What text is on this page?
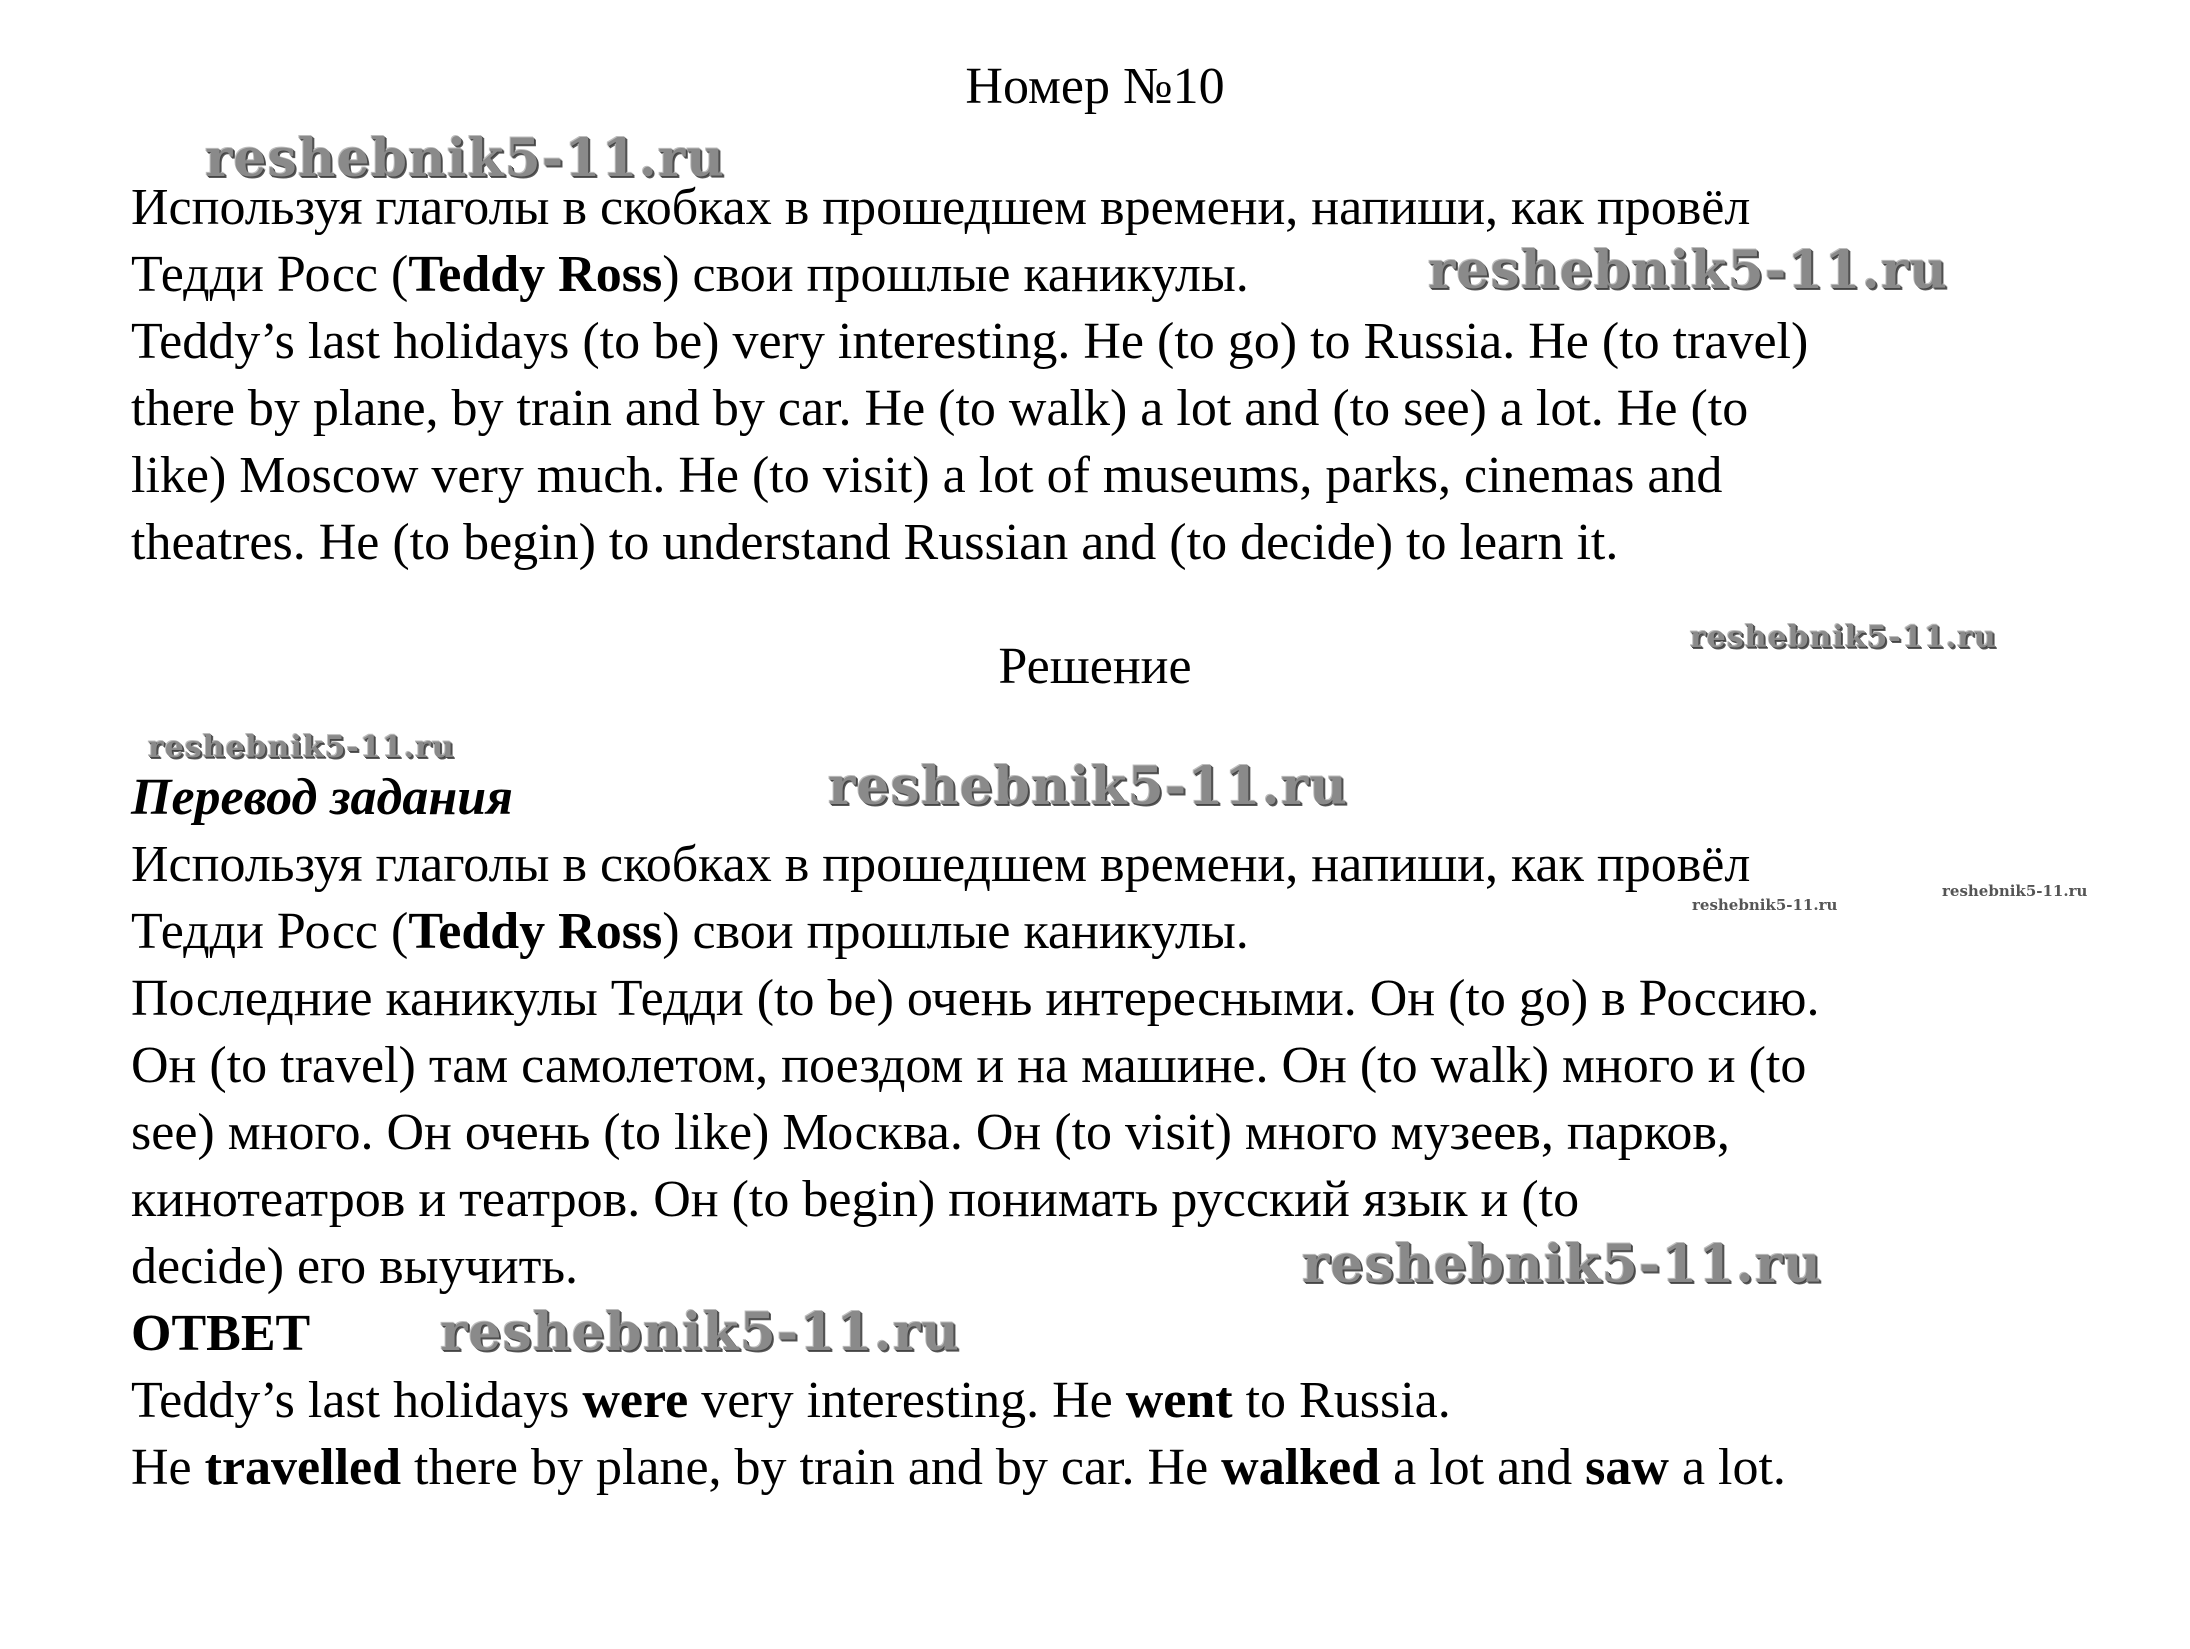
Номер №10
Используя глаголы в скобках в прошедшем времени, напиши, как провёл
Тедди Росс (Teddy Ross) свои прошлые каникулы.
Teddy’s last holidays (to be) very interesting. He (to go) to Russia. He (to travel)
there by plane, by train and by car. He (to walk) a lot and (to see) a lot. He (to
like) Moscow very much. He (to visit) a lot of museums, parks, cinemas and
theatres. He (to begin) to understand Russian and (to decide) to learn it.
Решение
Перевод задания
Используя глаголы в скобках в прошедшем времени, напиши, как провёл
Тедди Росс (Teddy Ross) свои прошлые каникулы.
Последние каникулы Тедди (to be) очень интересными. Он (to go) в Россию.
Он (to travel) там самолетом, поездом и на машине. Он (to walk) много и (to
see) много. Он очень (to like) Москва. Он (to visit) много музеев, парков,
кинотеатров и театров. Он (to begin) понимать русский язык и (to
decide) его выучить.
ОТВЕТ
Teddy’s last holidays were very interesting. He went to Russia.
He travelled there by plane, by train and by car. He walked a lot and saw a lot.
reshebnik5-11.ru
reshebnik5-11.ru
reshebnik5-11.ru
reshebnik5-11.ru
reshebnik5-11.ru
reshebnik5-11.ru
reshebnik5-11.ru
reshebnik5-11.ru
reshebnik5-11.ru
